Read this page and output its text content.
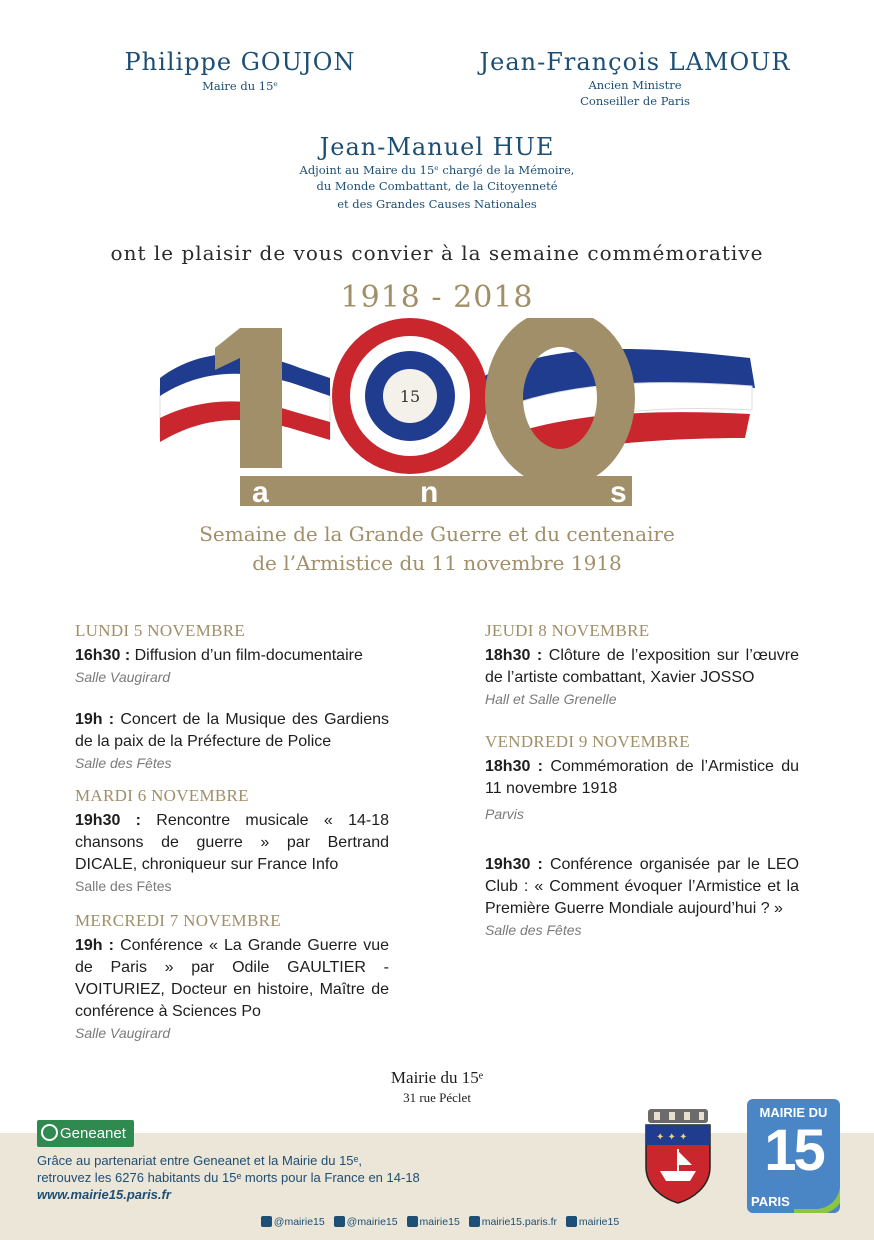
Philippe GOUJON
Maire du 15ᵉ
Jean-François LAMOUR
Ancien Ministre
Conseiller de Paris
Jean-Manuel HUE
Adjoint au Maire du 15ᵉ chargé de la Mémoire,
du Monde Combattant, de la Citoyenneté
et des Grandes Causes Nationales
ont le plaisir de vous convier à la semaine commémorative
1918 - 2018
15
a	n	s
Semaine de la Grande Guerre et du centenaire
de l’Armistice du 11 novembre 1918
LUNDI 5 NOVEMBRE
16h30 : Diffusion d’un film-documentaire
Salle Vaugirard
19h : Concert de la Musique des Gardiens de la paix de la Préfecture de Police
Salle des Fêtes
MARDI 6 NOVEMBRE
19h30 : Rencontre musicale « 14-18 chansons de guerre » par Bertrand DICALE, chroniqueur sur France Info
Salle des Fêtes
MERCREDI 7 NOVEMBRE
19h : Conférence « La Grande Guerre vue de Paris » par Odile GAULTIER - VOITURIEZ, Docteur en histoire, Maître de conférence à Sciences Po
Salle Vaugirard
JEUDI 8 NOVEMBRE
18h30 : Clôture de l’exposition sur l’œuvre de l’artiste combattant, Xavier JOSSO
Hall et Salle Grenelle
VENDREDI 9 NOVEMBRE
18h30 : Commémoration de l’Armistice du 11 novembre 1918
Parvis
19h30 : Conférence organisée par le LEO Club : « Comment évoquer l’Armistice et la Première Guerre Mondiale aujourd’hui ? »
Salle des Fêtes
Mairie du 15ᵉ
31 rue Péclet
Geneanet
Grâce au partenariat entre Geneanet et la Mairie du 15ᵉ,
retrouvez les 6276 habitants du 15ᵉ morts pour la France en 14-18
www.mairie15.paris.fr
✦ ✦ ✦
MAIRIE DU
15
PARIS
@mairie15 @mairie15 mairie15 mairie15.paris.fr mairie15
